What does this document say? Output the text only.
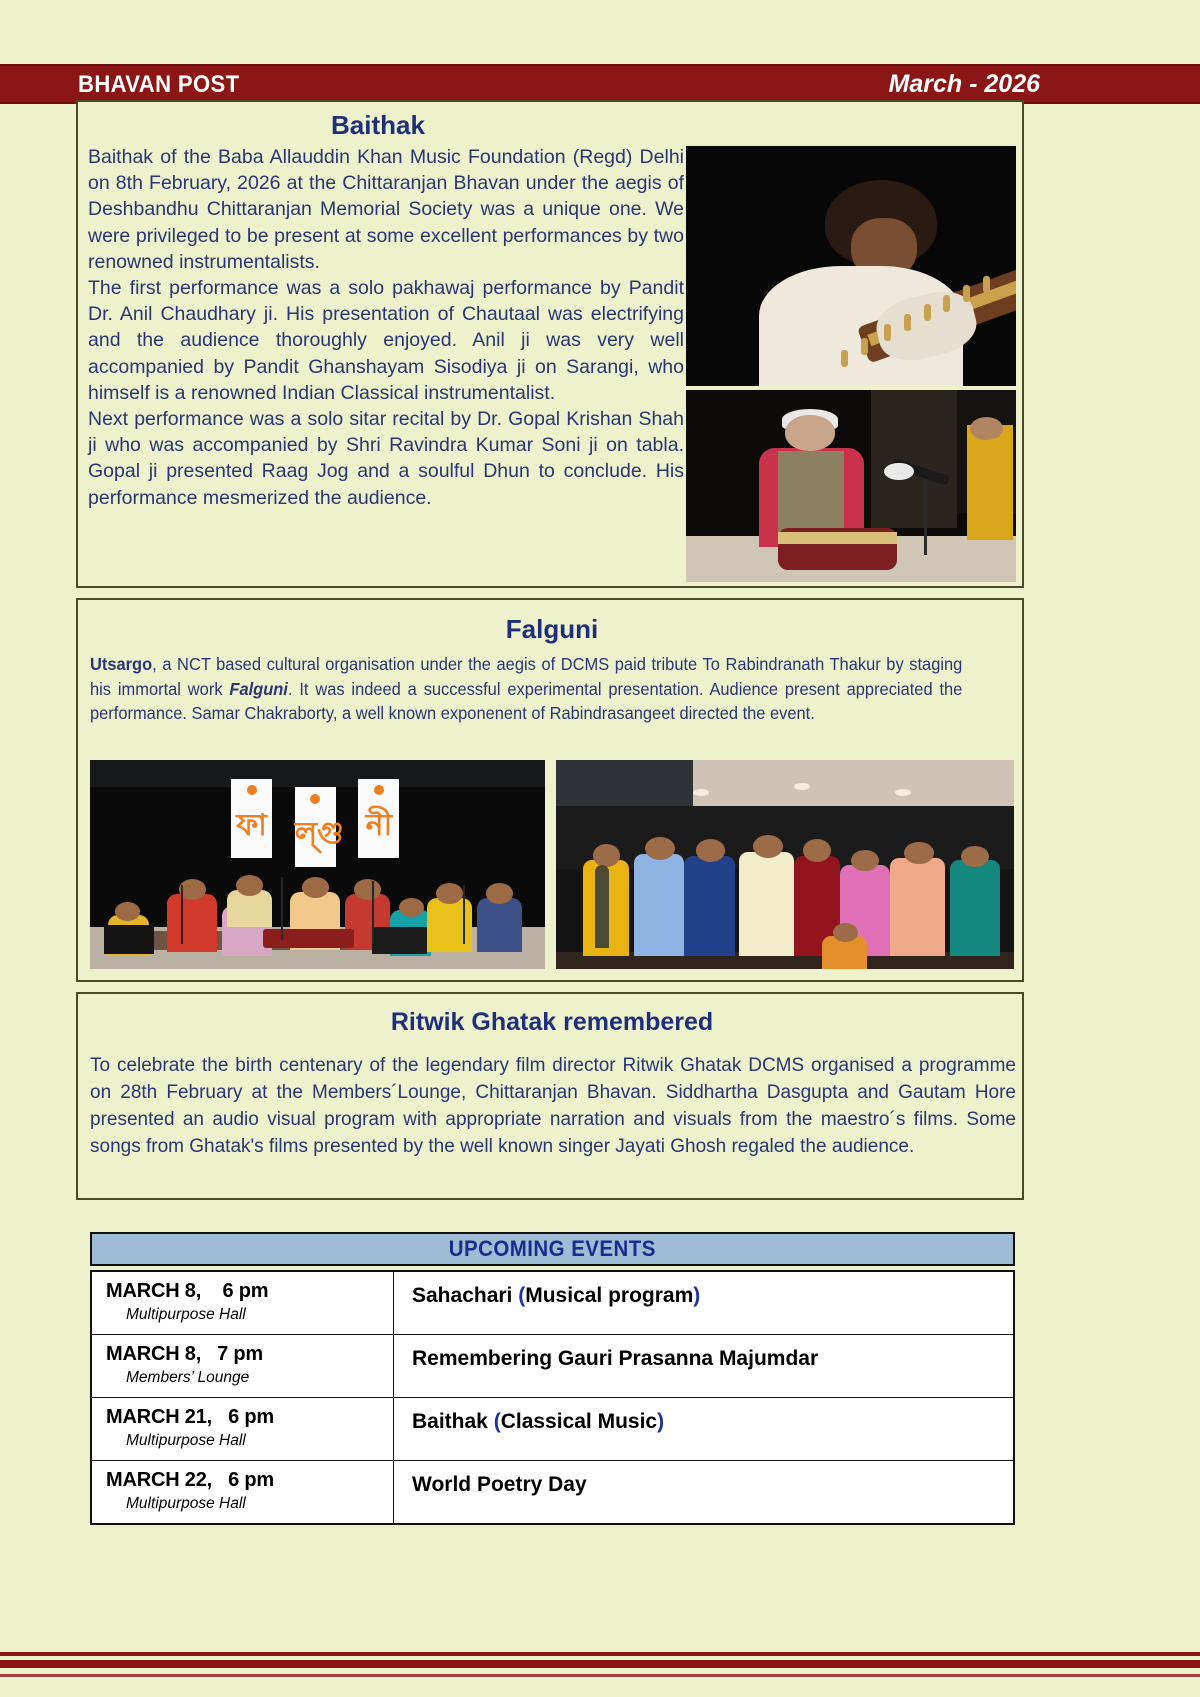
BHAVAN POST	March - 2026
Baithak

Baithak of the Baba Allauddin Khan Music Foundation (Regd) Delhi on 8th February, 2026 at the Chittaranjan Bhavan under the aegis of Deshbandhu Chittaranjan Memorial Society was a unique one. We were privileged to be present at some excellent performances by two renowned instrumentalists.

The first performance was a solo pakhawaj performance by Pandit Dr. Anil Chaudhary ji. His presentation of Chautaal was electrifying and the audience thoroughly enjoyed. Anil ji was very well accompanied by Pandit Ghanshayam Sisodiya ji on Sarangi, who himself is a renowned Indian Classical instrumentalist.

Next performance was a solo sitar recital by Dr. Gopal Krishan Shah ji who was accompanied by Shri Ravindra Kumar Soni ji on tabla. Gopal ji presented Raag Jog and a soulful Dhun to conclude. His performance mesmerized the audience.

Falguni
Utsargo, a NCT based cultural organisation under the aegis of DCMS paid tribute To Rabindranath Thakur by staging his immortal work Falguni. It was indeed a successful experimental presentation. Audience present appreciated the performance. Samar Chakraborty, a well known exponenent of Rabindrasangeet directed the event.
ফা ল্গু নী
Ritwik Ghatak remembered
To celebrate the birth centenary of the legendary film director Ritwik Ghatak DCMS organised a programme on 28th February at the Members´Lounge, Chittaranjan Bhavan. Siddhartha Dasgupta and Gautam Hore presented an audio visual program with appropriate narration and visuals from the maestro´s films. Some songs from Ghatak's films presented by the well known singer Jayati Ghosh regaled the audience.
UPCOMING EVENTS
MARCH 8,    6 pm
Multipurpose Hall	Sahachari (Musical program)

MARCH 8,   7 pm
Members’ Lounge	Remembering Gauri Prasanna Majumdar

MARCH 21,   6 pm
Multipurpose Hall	Baithak (Classical Music)

MARCH 22,   6 pm
Multipurpose Hall	World Poetry Day
